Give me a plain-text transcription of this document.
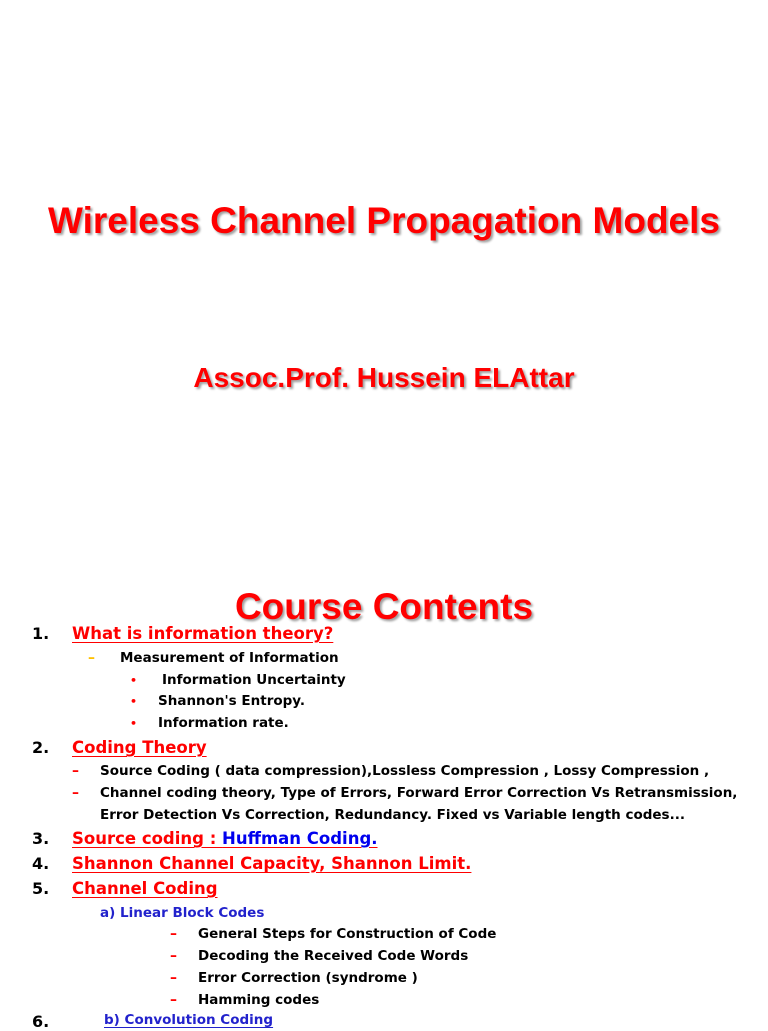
Wireless Channel Propagation Models
Assoc.Prof. Hussein ELAttar
Course Contents
1. What is information theory?
– Measurement of Information
• Information Uncertainty
• Shannon's Entropy.
• Information rate.
2. Coding Theory
– Source Coding ( data compression),Lossless Compression , Lossy Compression ,
– Channel coding theory, Type of Errors, Forward Error Correction Vs Retransmission,
Error Detection Vs Correction, Redundancy. Fixed vs Variable length codes...
3. Source coding : Huffman Coding.
4. Shannon Channel Capacity, Shannon Limit.
5. Channel Coding
a) Linear Block Codes
– General Steps for Construction of Code
– Decoding the Received Code Words
– Error Correction (syndrome )
– Hamming codes
6.	b) Convolution Coding
